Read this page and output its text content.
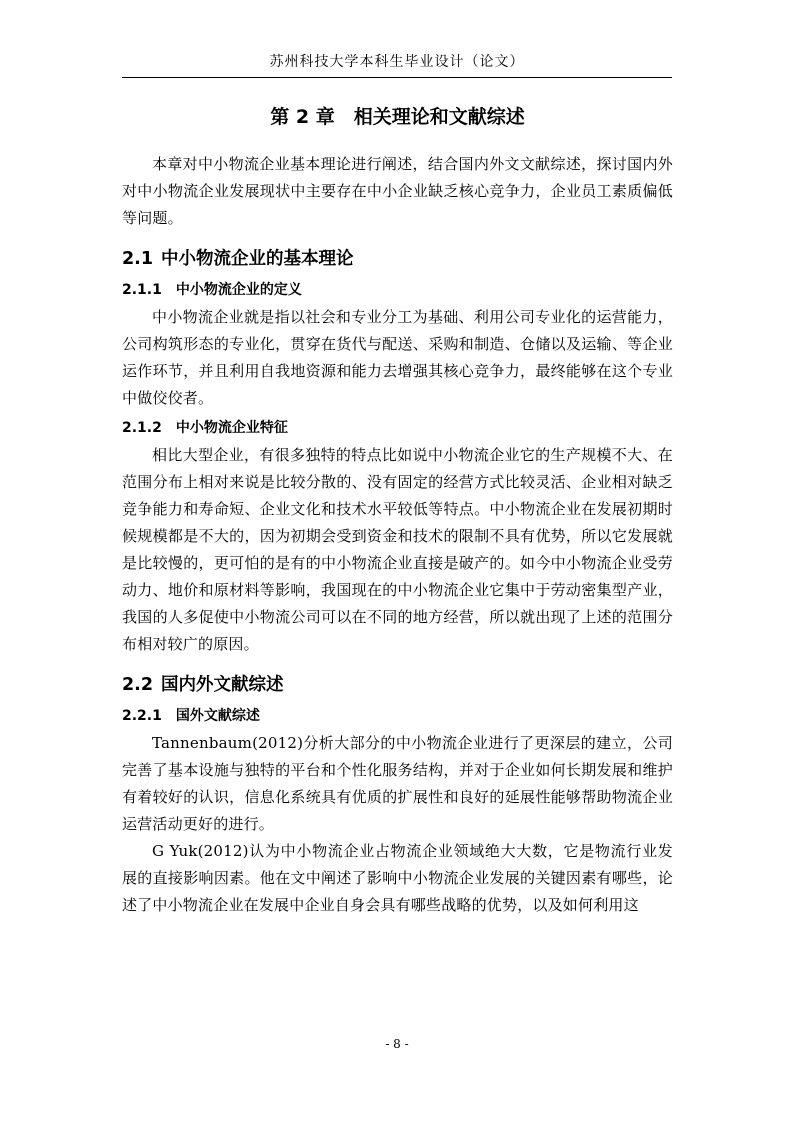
苏州科技大学本科生毕业设计（论文）
第 2 章　相关理论和文献综述

本章对中小物流企业基本理论进行阐述，结合国内外文文献综述，探讨国内外对中小物流企业发展现状中主要存在中小企业缺乏核心竞争力，企业员工素质偏低等问题。

2.1 中小物流企业的基本理论
2.1.1 中小物流企业的定义

中小物流企业就是指以社会和专业分工为基础、利用公司专业化的运营能力，公司构筑形态的专业化，贯穿在货代与配送、采购和制造、仓储以及运输、等企业运作环节，并且利用自我地资源和能力去增强其核心竞争力，最终能够在这个专业中做佼佼者。

2.1.2 中小物流企业特征

相比大型企业，有很多独特的特点比如说中小物流企业它的生产规模不大、在范围分布上相对来说是比较分散的、没有固定的经营方式比较灵活、企业相对缺乏竞争能力和寿命短、企业文化和技术水平较低等特点。中小物流企业在发展初期时候规模都是不大的，因为初期会受到资金和技术的限制不具有优势，所以它发展就是比较慢的，更可怕的是有的中小物流企业直接是破产的。如今中小物流企业受劳动力、地价和原材料等影响，我国现在的中小物流企业它集中于劳动密集型产业，我国的人多促使中小物流公司可以在不同的地方经营，所以就出现了上述的范围分布相对较广的原因。

2.2 国内外文献综述
2.2.1 国外文献综述

Tannenbaum(2012)分析大部分的中小物流企业进行了更深层的建立，公司完善了基本设施与独特的平台和个性化服务结构，并对于企业如何长期发展和维护有着较好的认识，信息化系统具有优质的扩展性和良好的延展性能够帮助物流企业运营活动更好的进行。

G Yuk(2012)认为中小物流企业占物流企业领域绝大大数，它是物流行业发展的直接影响因素。他在文中阐述了影响中小物流企业发展的关键因素有哪些，论述了中小物流企业在发展中企业自身会具有哪些战略的优势，以及如何利用这

- 8 -
